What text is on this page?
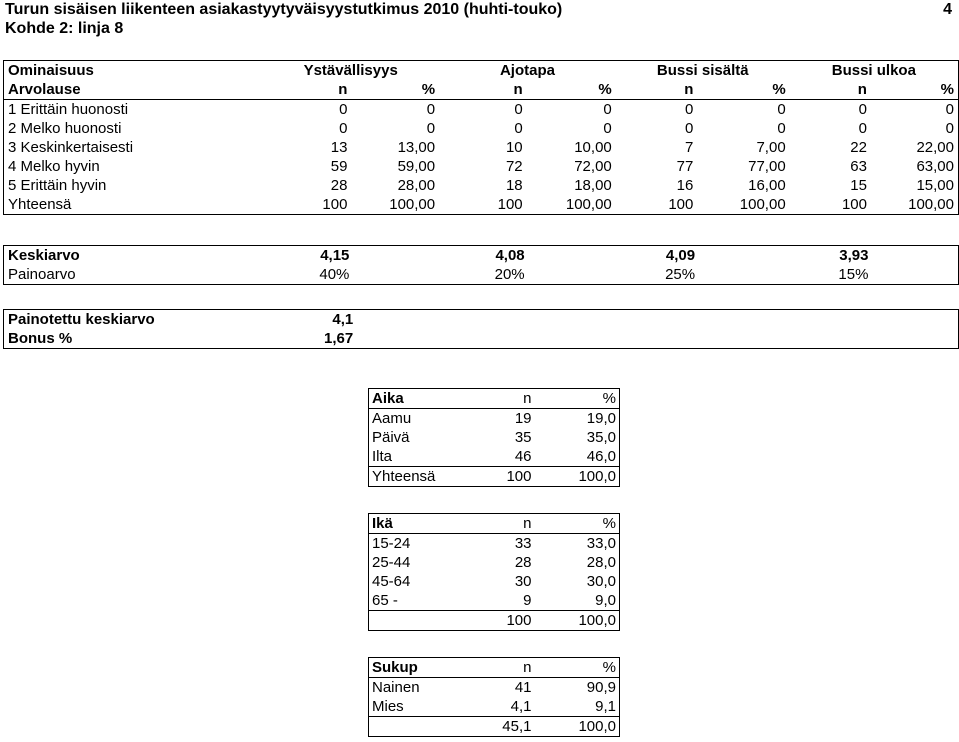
Turun sisäisen liikenteen asiakastyytyväisyystutkimus 2010 (huhti-touko)
Kohde 2: linja 8
4
Ominaisuus	Ystävällisyys		Ajotapa		Bussi sisältä		Bussi ulkoa	
Arvolause	n	%	n	%	n	%	n	%
1 Erittäin huonosti	0	0	0	0	0	0	0	0
2 Melko huonosti	0	0	0	0	0	0	0	0
3 Keskinkertaisesti	13	13,00	10	10,00	7	7,00	22	22,00
4 Melko hyvin	59	59,00	72	72,00	77	77,00	63	63,00
5 Erittäin hyvin	28	28,00	18	18,00	16	16,00	15	15,00
Yhteensä	100	100,00	100	100,00	100	100,00	100	100,00
Keskiarvo	4,15		4,08		4,09		3,93	
Painoarvo	40%		20%		25%		15%	
Painotettu keskiarvo	4,1							
Bonus %	1,67							
Aika	n	%
Aamu	19	19,0
Päivä	35	35,0
Ilta	46	46,0
Yhteensä	100	100,0
Ikä	n	%
15-24	33	33,0
25-44	28	28,0
45-64	30	30,0
65 -	9	9,0
	100	100,0
Sukup	n	%
Nainen	41	90,9
Mies	4,1	9,1
	45,1	100,0
